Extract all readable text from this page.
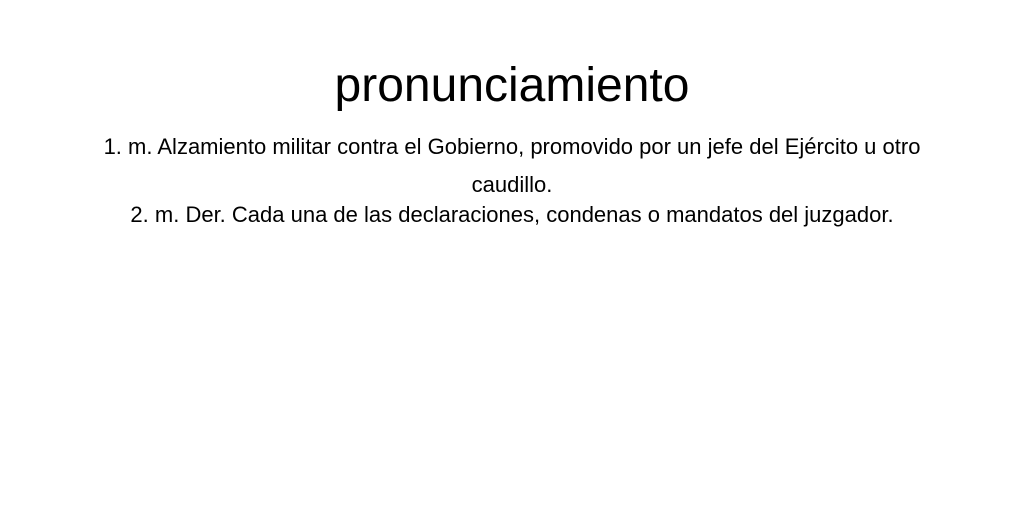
pronunciamiento
1. m. Alzamiento militar contra el Gobierno, promovido por un jefe del Ejército u otro caudillo.
2. m. Der. Cada una de las declaraciones, condenas o mandatos del juzgador.
